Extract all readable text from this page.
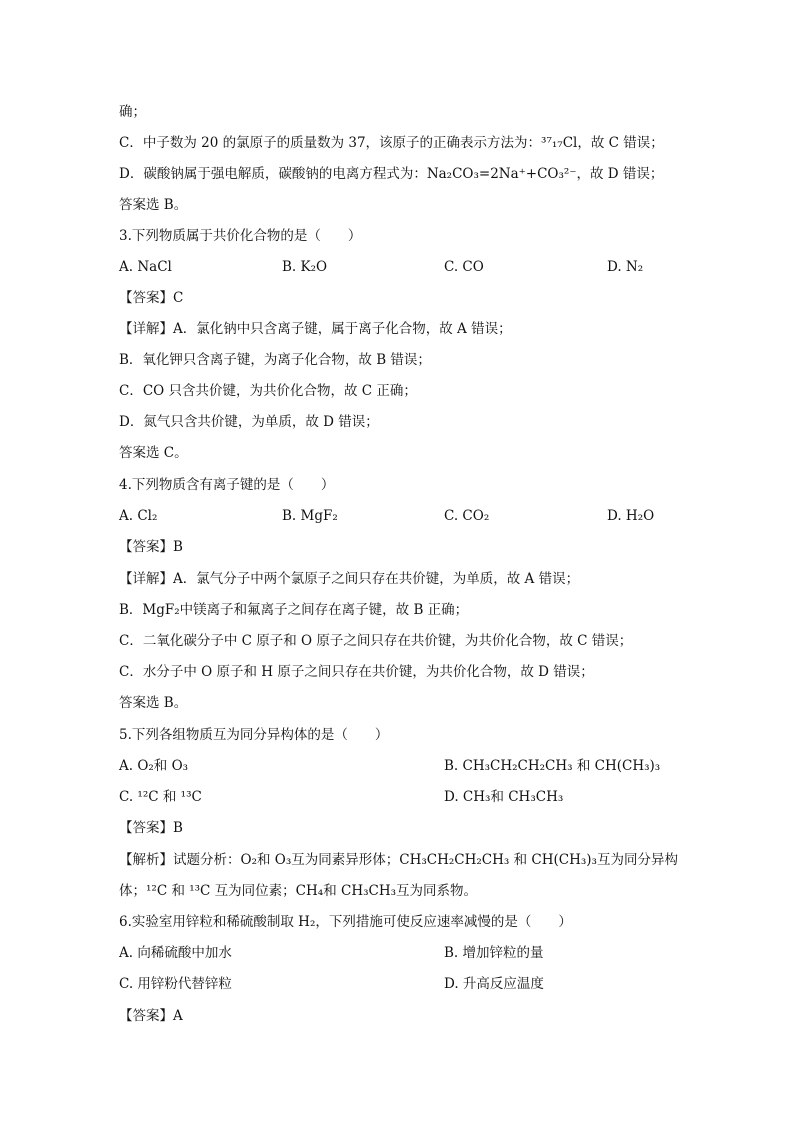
确；
C．中子数为 20 的氯原子的质量数为 37，该原子的正确表示方法为：³⁷₁₇Cl，故 C 错误；
D．碳酸钠属于强电解质，碳酸钠的电离方程式为：Na₂CO₃=2Na⁺+CO₃²⁻，故 D 错误；
答案选 B。
3.下列物质属于共价化合物的是（　　）
A. NaCl	B. K₂O	C. CO	D. N₂
【答案】C
【详解】A．氯化钠中只含离子键，属于离子化合物，故 A 错误；
B．氧化钾只含离子键，为离子化合物，故 B 错误；
C．CO 只含共价键，为共价化合物，故 C 正确；
D．氮气只含共价键，为单质，故 D 错误；
答案选 C。
4.下列物质含有离子键的是（　　）
A. Cl₂	B. MgF₂	C. CO₂	D. H₂O
【答案】B
【详解】A．氯气分子中两个氯原子之间只存在共价键，为单质，故 A 错误；
B．MgF₂中镁离子和氟离子之间存在离子键，故 B 正确；
C．二氧化碳分子中 C 原子和 O 原子之间只存在共价键，为共价化合物，故 C 错误；
C．水分子中 O 原子和 H 原子之间只存在共价键，为共价化合物，故 D 错误；
答案选 B。
5.下列各组物质互为同分异构体的是（　　）
A. O₂和 O₃	B. CH₃CH₂CH₂CH₃ 和 CH(CH₃)₃
C. ¹²C 和 ¹³C	D. CH₃和 CH₃CH₃
【答案】B
【解析】试题分析：O₂和 O₃互为同素异形体；CH₃CH₂CH₂CH₃ 和 CH(CH₃)₃互为同分异构
体；¹²C 和 ¹³C 互为同位素；CH₄和 CH₃CH₃互为同系物。
6.实验室用锌粒和稀硫酸制取 H₂，下列措施可使反应速率减慢的是（　　）
A. 向稀硫酸中加水	B. 增加锌粒的量
C. 用锌粉代替锌粒	D. 升高反应温度
【答案】A
